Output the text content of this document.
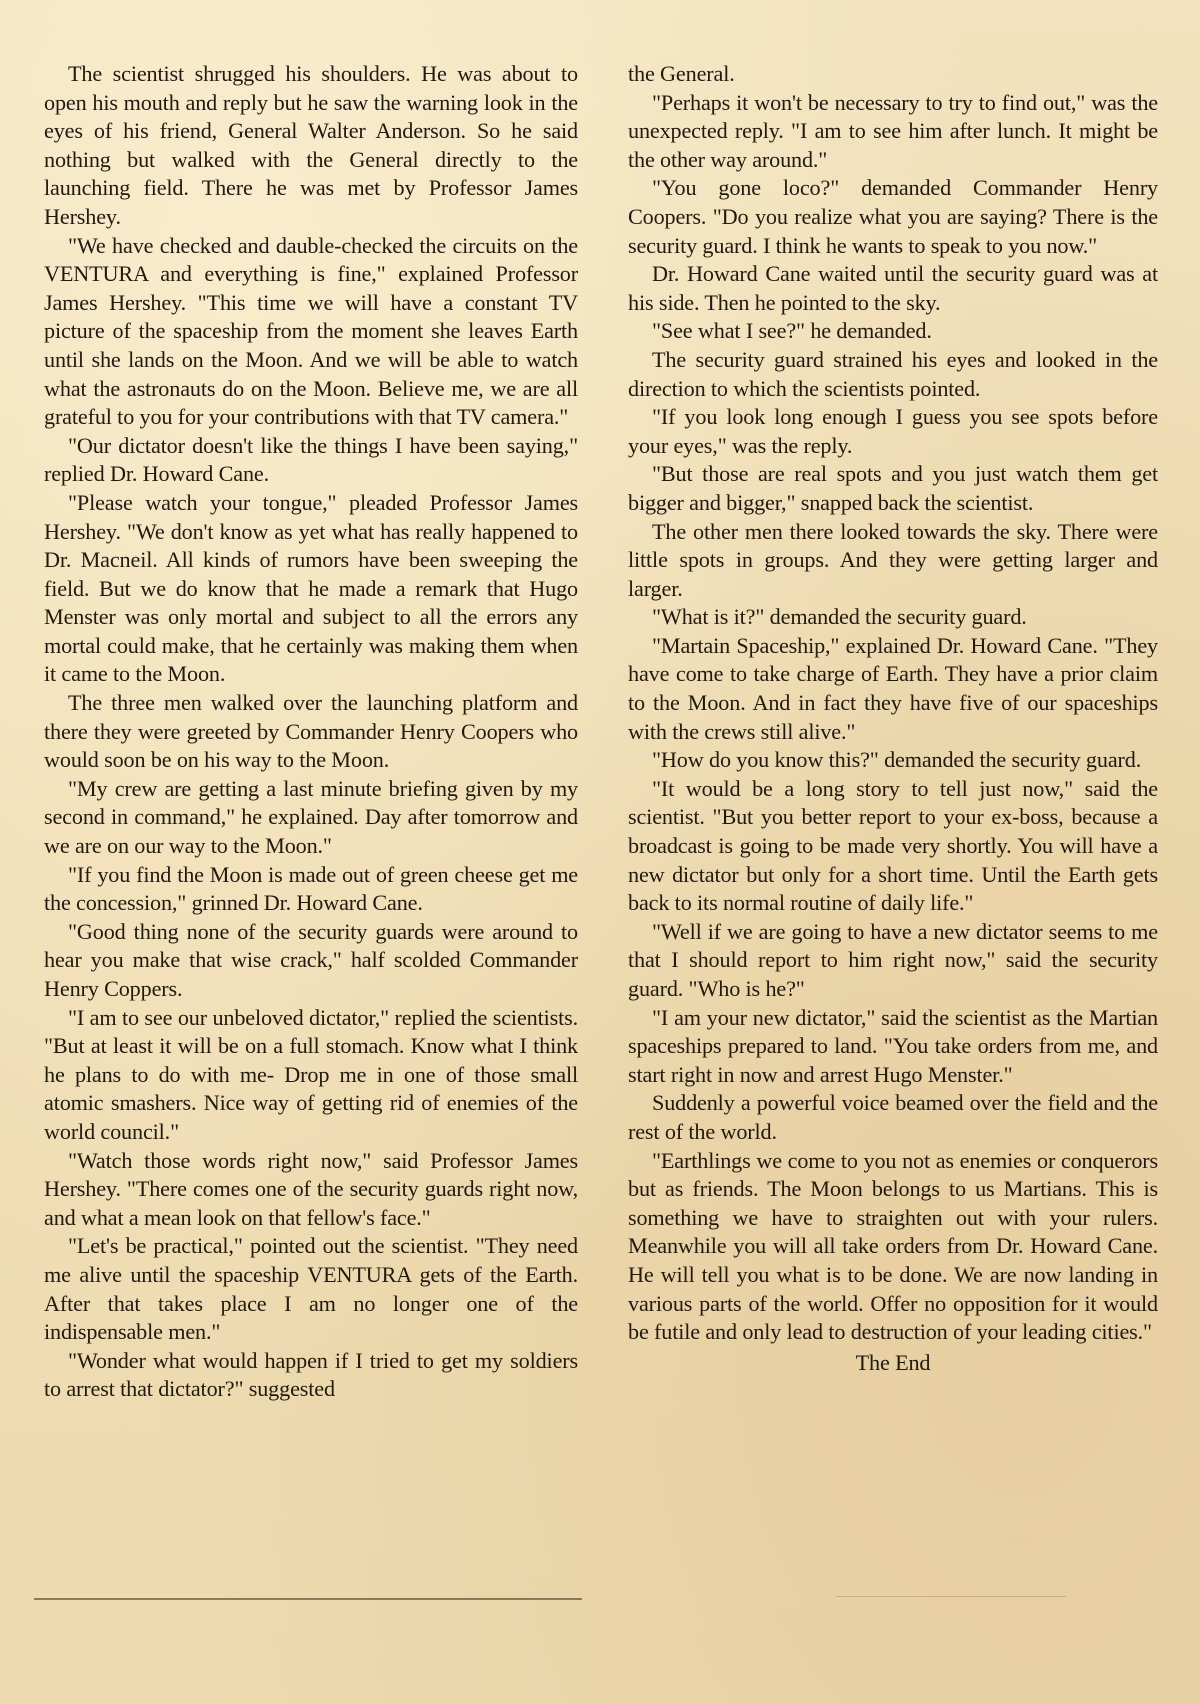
The scientist shrugged his shoulders. He was about to open his mouth and reply but he saw the warning look in the eyes of his friend, General Walter Anderson. So he said nothing but walked with the General directly to the launching field. There he was met by Professor James Hershey.

"We have checked and dauble-checked the circuits on the VENTURA and everything is fine," explained Professor James Hershey. "This time we will have a constant TV picture of the spaceship from the moment she leaves Earth until she lands on the Moon. And we will be able to watch what the astronauts do on the Moon. Believe me, we are all grateful to you for your contributions with that TV camera."

"Our dictator doesn't like the things I have been saying," replied Dr. Howard Cane.

"Please watch your tongue," pleaded Professor James Hershey. "We don't know as yet what has really happened to Dr. Macneil. All kinds of rumors have been sweeping the field. But we do know that he made a remark that Hugo Menster was only mortal and subject to all the errors any mortal could make, that he certainly was making them when it came to the Moon.

The three men walked over the launching platform and there they were greeted by Commander Henry Coopers who would soon be on his way to the Moon.

"My crew are getting a last minute briefing given by my second in command," he explained. Day after tomorrow and we are on our way to the Moon."

"If you find the Moon is made out of green cheese get me the concession," grinned Dr. Howard Cane.

"Good thing none of the security guards were around to hear you make that wise crack," half scolded Commander Henry Coppers.

"I am to see our unbeloved dictator," replied the scientists. "But at least it will be on a full stomach. Know what I think he plans to do with me- Drop me in one of those small atomic smashers. Nice way of getting rid of enemies of the world council."

"Watch those words right now," said Professor James Hershey. "There comes one of the security guards right now, and what a mean look on that fellow's face."

"Let's be practical," pointed out the scientist. "They need me alive until the spaceship VENTURA gets of the Earth. After that takes place I am no longer one of the indispensable men."

"Wonder what would happen if I tried to get my soldiers to arrest that dictator?" suggested

the General.

"Perhaps it won't be necessary to try to find out," was the unexpected reply. "I am to see him after lunch. It might be the other way around."

"You gone loco?" demanded Commander Henry Coopers. "Do you realize what you are saying? There is the security guard. I think he wants to speak to you now."

Dr. Howard Cane waited until the security guard was at his side. Then he pointed to the sky.

"See what I see?" he demanded.

The security guard strained his eyes and looked in the direction to which the scientists pointed.

"If you look long enough I guess you see spots before your eyes," was the reply.

"But those are real spots and you just watch them get bigger and bigger," snapped back the scientist.

The other men there looked towards the sky. There were little spots in groups. And they were getting larger and larger.

"What is it?" demanded the security guard.

"Martain Spaceship," explained Dr. Howard Cane. "They have come to take charge of Earth. They have a prior claim to the Moon. And in fact they have five of our spaceships with the crews still alive."

"How do you know this?" demanded the security guard.

"It would be a long story to tell just now," said the scientist. "But you better report to your ex-boss, because a broadcast is going to be made very shortly. You will have a new dictator but only for a short time. Until the Earth gets back to its normal routine of daily life."

"Well if we are going to have a new dictator seems to me that I should report to him right now," said the security guard. "Who is he?"

"I am your new dictator," said the scientist as the Martian spaceships prepared to land. "You take orders from me, and start right in now and arrest Hugo Menster."

Suddenly a powerful voice beamed over the field and the rest of the world.

"Earthlings we come to you not as enemies or conquerors but as friends. The Moon belongs to us Martians. This is something we have to straighten out with your rulers. Meanwhile you will all take orders from Dr. Howard Cane. He will tell you what is to be done. We are now landing in various parts of the world. Offer no opposition for it would be futile and only lead to destruction of your leading cities."

The End
